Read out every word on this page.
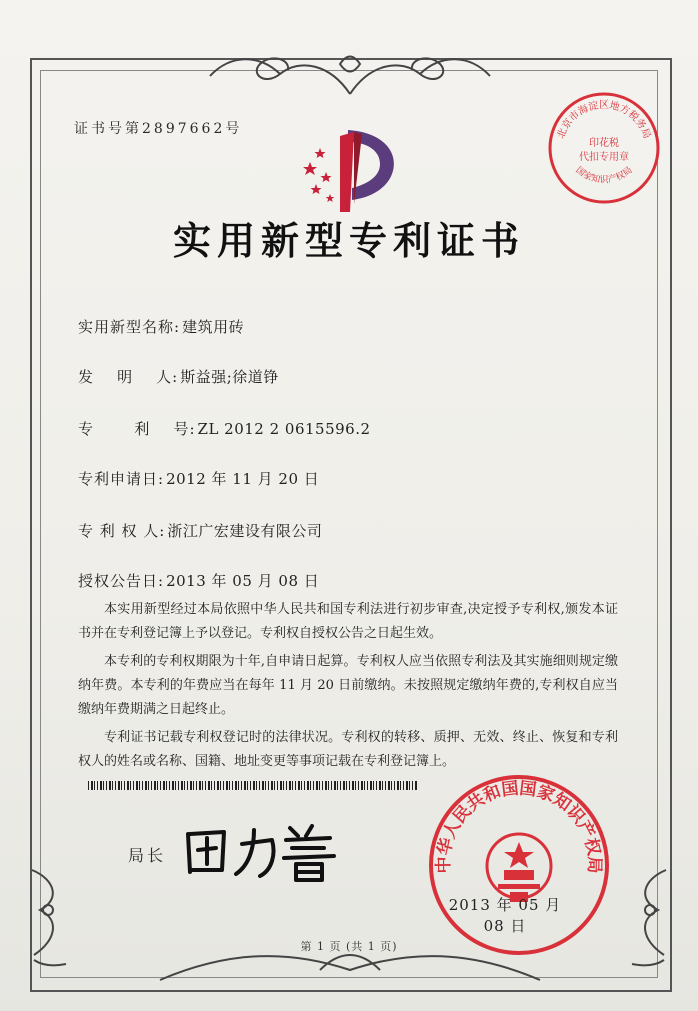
证书号第2897662号	北京市海淀区地方税务局
印花税
代扣专用章
国家知识产权局
实用新型专利证书
实用新型名称: 建筑用砖
发    明    人: 斯益强;徐道铮
专       利    号: ZL 2012 2 0615596.2
专利申请日: 2012 年 11 月 20 日
专 利 权 人: 浙江广宏建设有限公司
授权公告日: 2013 年 05 月 08 日

本实用新型经过本局依照中华人民共和国专利法进行初步审查,决定授予专利权,颁发本证书并在专利登记簿上予以登记。专利权自授权公告之日起生效。

本专利的专利权期限为十年,自申请日起算。专利权人应当依照专利法及其实施细则规定缴纳年费。本专利的年费应当在每年 11 月 20 日前缴纳。未按照规定缴纳年费的,专利权自应当缴纳年费期满之日起终止。

专利证书记载专利权登记时的法律状况。专利权的转移、质押、无效、终止、恢复和专利权人的姓名或名称、国籍、地址变更等事项记载在专利登记簿上。

局长	中华人民共和国国家知识产权局
2013 年 05 月 08 日
第 1 页 (共 1 页)
